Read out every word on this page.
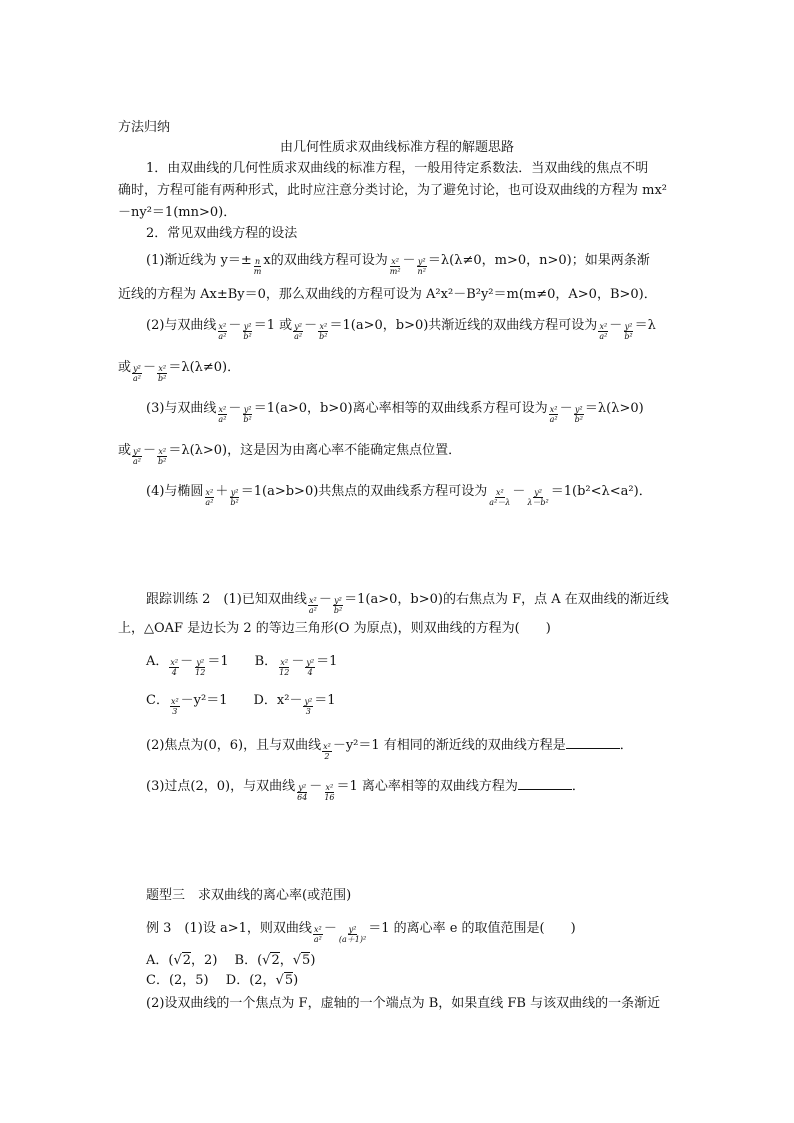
方法归纳
由几何性质求双曲线标准方程的解题思路
1．由双曲线的几何性质求双曲线的标准方程，一般用待定系数法．当双曲线的焦点不明
确时，方程可能有两种形式，此时应注意分类讨论，为了避免讨论，也可设双曲线的方程为 mx²
－ny²＝1(mn>0)．
2．常见双曲线方程的设法
(1)渐近线为 $y=\pm \frac{n}{m}$ x的双曲线方程可设为 $\frac{\text{x²}}{\text{m²}} - \frac{\text{y²}}{\text{n²}} =\lambda(\lambda\ne 0$，m>0，n>0)；如果两条渐
近线的方程为 Ax±By＝0，那么双曲线的方程可设为 A²x²－B²y²＝m(m≠0，A>0，B>0)．
(2)与双曲线 $\frac{\text{x²}}{\text{a²}} - \frac{\text{y²}}{\text{b²}} =1$ 或 $\frac{\text{y²}}{\text{a²}} - \frac{\text{x²}}{\text{b²}} =1(a>0$，b>0)共渐近线的双曲线方程可设为 $\frac{\text{x²}}{\text{a²}} - \frac{\text{y²}}{\text{b²}} =\lambda$
或 $\frac{\text{y²}}{\text{a²}} - \frac{\text{x²}}{\text{b²}} =\lambda(\lambda\ne 0)$．
(3)与双曲线 $\frac{\text{x²}}{\text{a²}} - \frac{\text{y²}}{\text{b²}} =1(a>0$，b>0)离心率相等的双曲线系方程可设为 $\frac{\text{x²}}{\text{a²}} - \frac{\text{y²}}{\text{b²}} =\lambda(\lambda>0)$
或 $\frac{\text{y²}}{\text{a²}} - \frac{\text{x²}}{\text{b²}} =\lambda(\lambda>0)$，这是因为由离心率不能确定焦点位置．
(4)与椭圆 $\frac{\text{x²}}{\text{a²}} + \frac{\text{y²}}{\text{b²}} =1(a>b>0)$共焦点的双曲线系方程可设为 $\frac{\text{x²}}{\text{a²－λ}} - \frac{\text{y²}}{\text{λ－b²}} =1(b^2<\lambda<a^2)$．
跟踪训练 2　(1)已知双曲线 $\frac{\text{x²}}{\text{a²}} - \frac{\text{y²}}{\text{b²}} =1(a>0$，b>0)的右焦点为 F，点 A 在双曲线的渐近线
上，△OAF 是边长为 2 的等边三角形(O 为原点)，则双曲线的方程为(　　)
A． $\frac{\text{x²}}{4} - \frac{\text{y²}}{12} =1$　　B． $\frac{\text{x²}}{12} - \frac{\text{y²}}{4} =1$
C． $\frac{\text{x²}}{3} -y^2=1$　　D．$x^2- \frac{\text{y²}}{3} =1$
(2)焦点为(0，6)，且与双曲线 $\frac{\text{x²}}{2} -y^2=1$ 有相同的渐近线的双曲线方程是	．
(3)过点(2，0)，与双曲线 $\frac{\text{y²}}{64} - \frac{\text{x²}}{16} =1$ 离心率相等的双曲线方程为	．
题型三　求双曲线的离心率(或范围)
例 3　(1)设 a>1，则双曲线 $\frac{\text{x²}}{\text{a²}} - \frac{\text{y²}}{\text{(a＋1)²}} =1$ 的离心率 e 的取值范围是(　　)
A．(√2，2)　 B．(√2，√5)
C．(2，5)　 D．(2，√5)
(2)设双曲线的一个焦点为 F，虚轴的一个端点为 B，如果直线 FB 与该双曲线的一条渐近
